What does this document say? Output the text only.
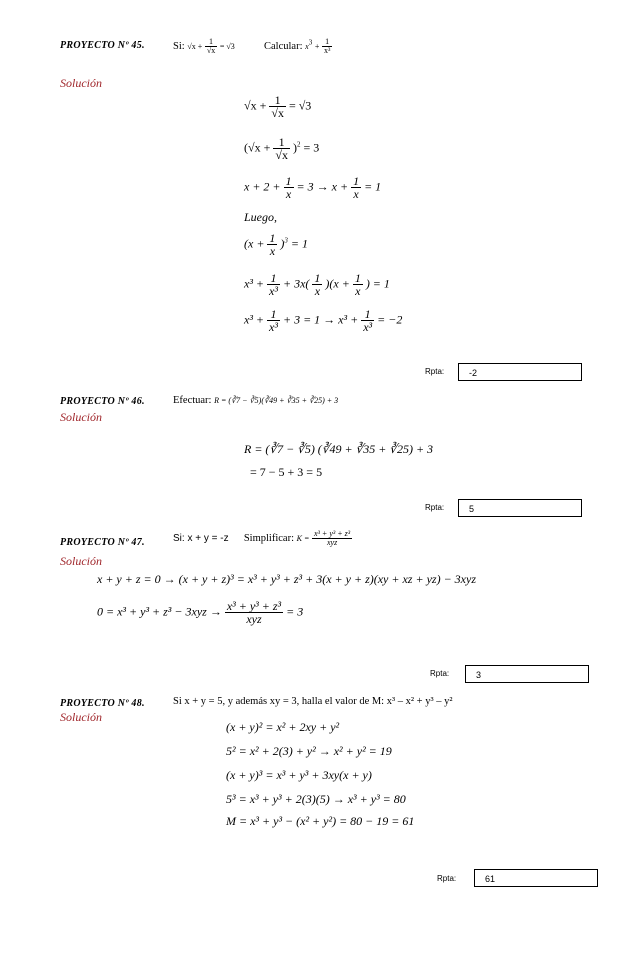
PROYECTO Nº 45.	Si: $√x + \frac{1}{√x} = √3$	Calcular: $x^3 + \frac{1}{\text{x³}}$
Solución
$√x + \frac{1}{√x} = √3$
$(√x + \frac{1}{√x} )^2 = 3$
$x + 2 + \frac{1}{x} = 3 \to x + \frac{1}{x} = 1$
Luego,
$(x + \frac{1}{x} )^3 = 1$
$x^3 + \frac{1}{\text{x³}} + 3x( \frac{1}{x} )(x + \frac{1}{x}$ ) = 1
$x^3 + \frac{1}{\text{x³}} + 3 = 1 \to x^3 + \frac{1}{\text{x³}} = -2$
Rpta:	-2
PROYECTO Nº 46.	Efectuar: R = (∛7 − ∛5)(∛49 + ∛35 + ∛25) + 3
Solución
R = (∛7 − ∛5) (∛49 + ∛35 + ∛25) + 3
= 7 − 5 + 3 = 5
Rpta:	5
PROYECTO Nº 47.	Si: x + y = -z Simplificar: $K = \frac{\text{x³ + y³ + z³}}{\text{xyz}}$
Solución
x + y + z = 0 → (x + y + z)³ = x³ + y³ + z³ + 3(x + y + z)(xy + xz + yz) − 3xyz
$0 = x^3 + y^3 + z^3 - 3xyz \to \frac{\text{x³ + y³ + z³}}{\text{xyz}} = 3$
Rpta:	3
PROYECTO Nº 48.	Si x + y = 5, y además xy = 3, halla el valor de M: x³ – x² + y³ – y²
Solución
(x + y)² = x² + 2xy + y²
5² = x² + 2(3) + y² → x² + y² = 19
(x + y)³ = x³ + y³ + 3xy(x + y)
5³ = x³ + y³ + 2(3)(5) → x³ + y³ = 80
M = x³ + y³ − (x² + y²) = 80 − 19 = 61
Rpta:	61
